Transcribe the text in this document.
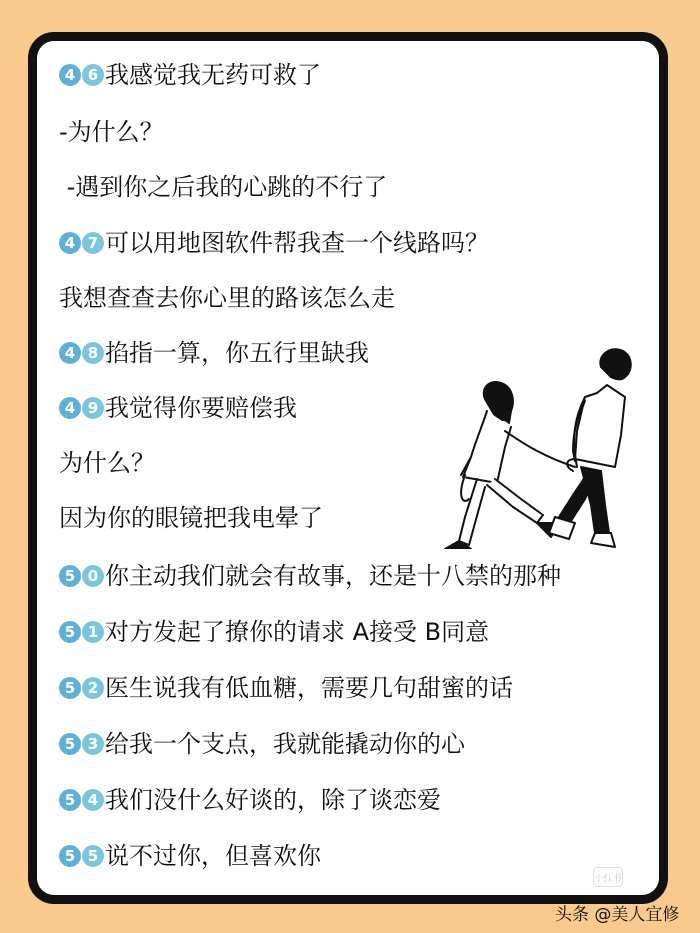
4 6 我感觉我无药可救了
-为什么？
-遇到你之后我的心跳的不行了
4 7 可以用地图软件帮我查一个线路吗？
我想查查去你心里的路该怎么走
4 8 掐指一算，你五行里缺我
4 9 我觉得你要赔偿我
为什么？
因为你的眼镜把我电晕了
5 0 你主动我们就会有故事，还是十八禁的那种
5 1 对方发起了撩你的请求 A接受 B同意
5 2 医生说我有低血糖，需要几句甜蜜的话
5 3 给我一个支点，我就能撬动你的心
5 4 我们没什么好谈的，除了谈恋爱
5 5 说不过你，但喜欢你
小红书
小红书号: 5947151390
头条 @美人宜修
